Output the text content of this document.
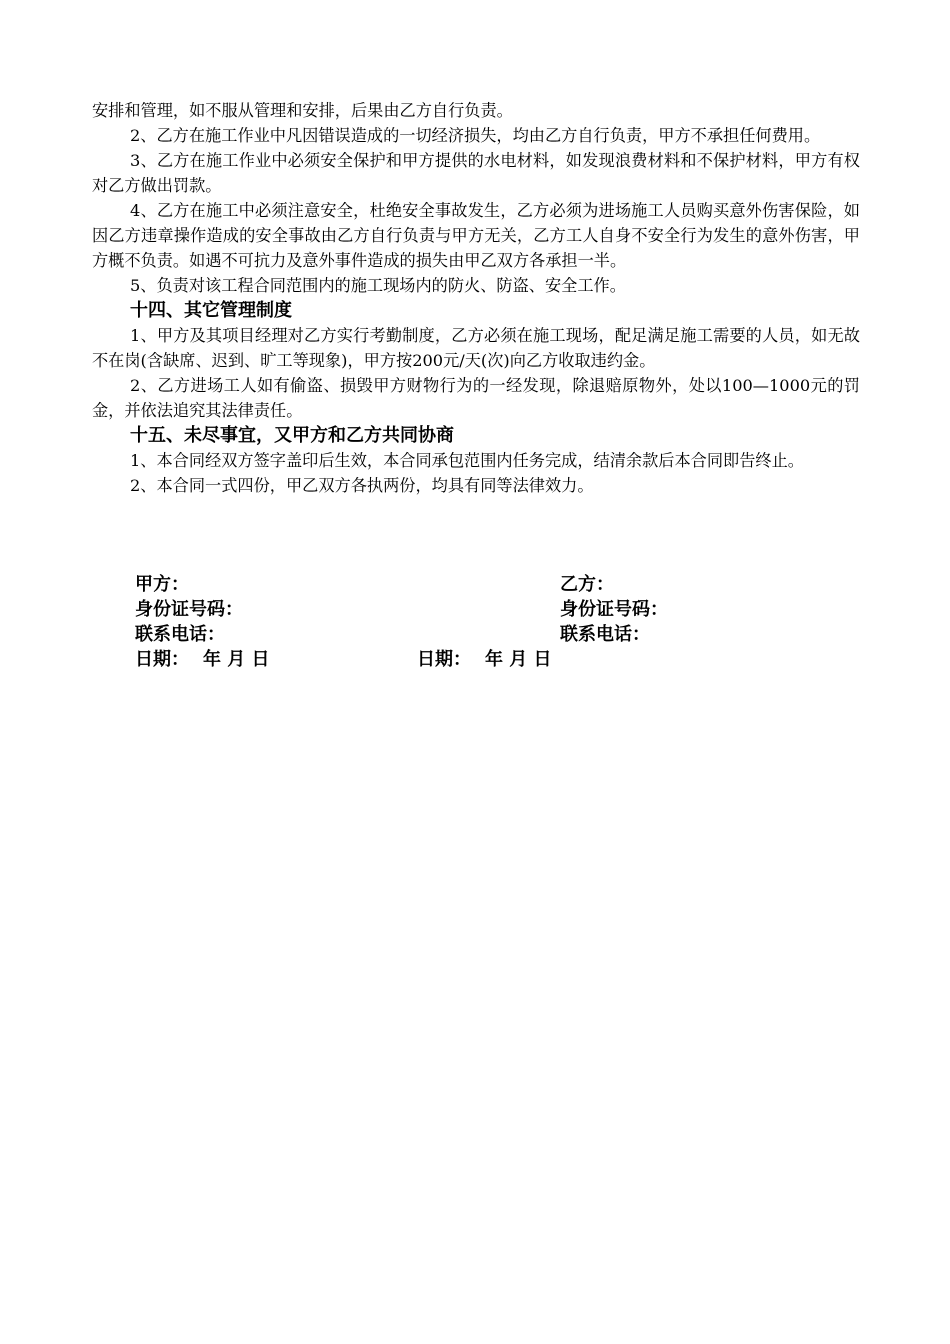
安排和管理，如不服从管理和安排，后果由乙方自行负责。

2、乙方在施工作业中凡因错误造成的一切经济损失，均由乙方自行负责，甲方不承担任何费用。

3、乙方在施工作业中必须安全保护和甲方提供的水电材料，如发现浪费材料和不保护材料，甲方有权对乙方做出罚款。

4、乙方在施工中必须注意安全，杜绝安全事故发生，乙方必须为进场施工人员购买意外伤害保险，如因乙方违章操作造成的安全事故由乙方自行负责与甲方无关，乙方工人自身不安全行为发生的意外伤害，甲方概不负责。如遇不可抗力及意外事件造成的损失由甲乙双方各承担一半。

5、负责对该工程合同范围内的施工现场内的防火、防盗、安全工作。

十四、其它管理制度

1、甲方及其项目经理对乙方实行考勤制度，乙方必须在施工现场，配足满足施工需要的人员，如无故不在岗(含缺席、迟到、旷工等现象)，甲方按200元/天(次)向乙方收取违约金。

2、乙方进场工人如有偷盗、损毁甲方财物行为的一经发现，除退赔原物外，处以100—1000元的罚金，并依法追究其法律责任。

十五、未尽事宜，又甲方和乙方共同协商

1、本合同经双方签字盖印后生效，本合同承包范围内任务完成，结清余款后本合同即告终止。

2、本合同一式四份，甲乙双方各执两份，均具有同等法律效力。

甲方：	乙方：
身份证号码：	身份证号码：
联系电话：	联系电话：
日期： 年 月 日	日期： 年 月 日
